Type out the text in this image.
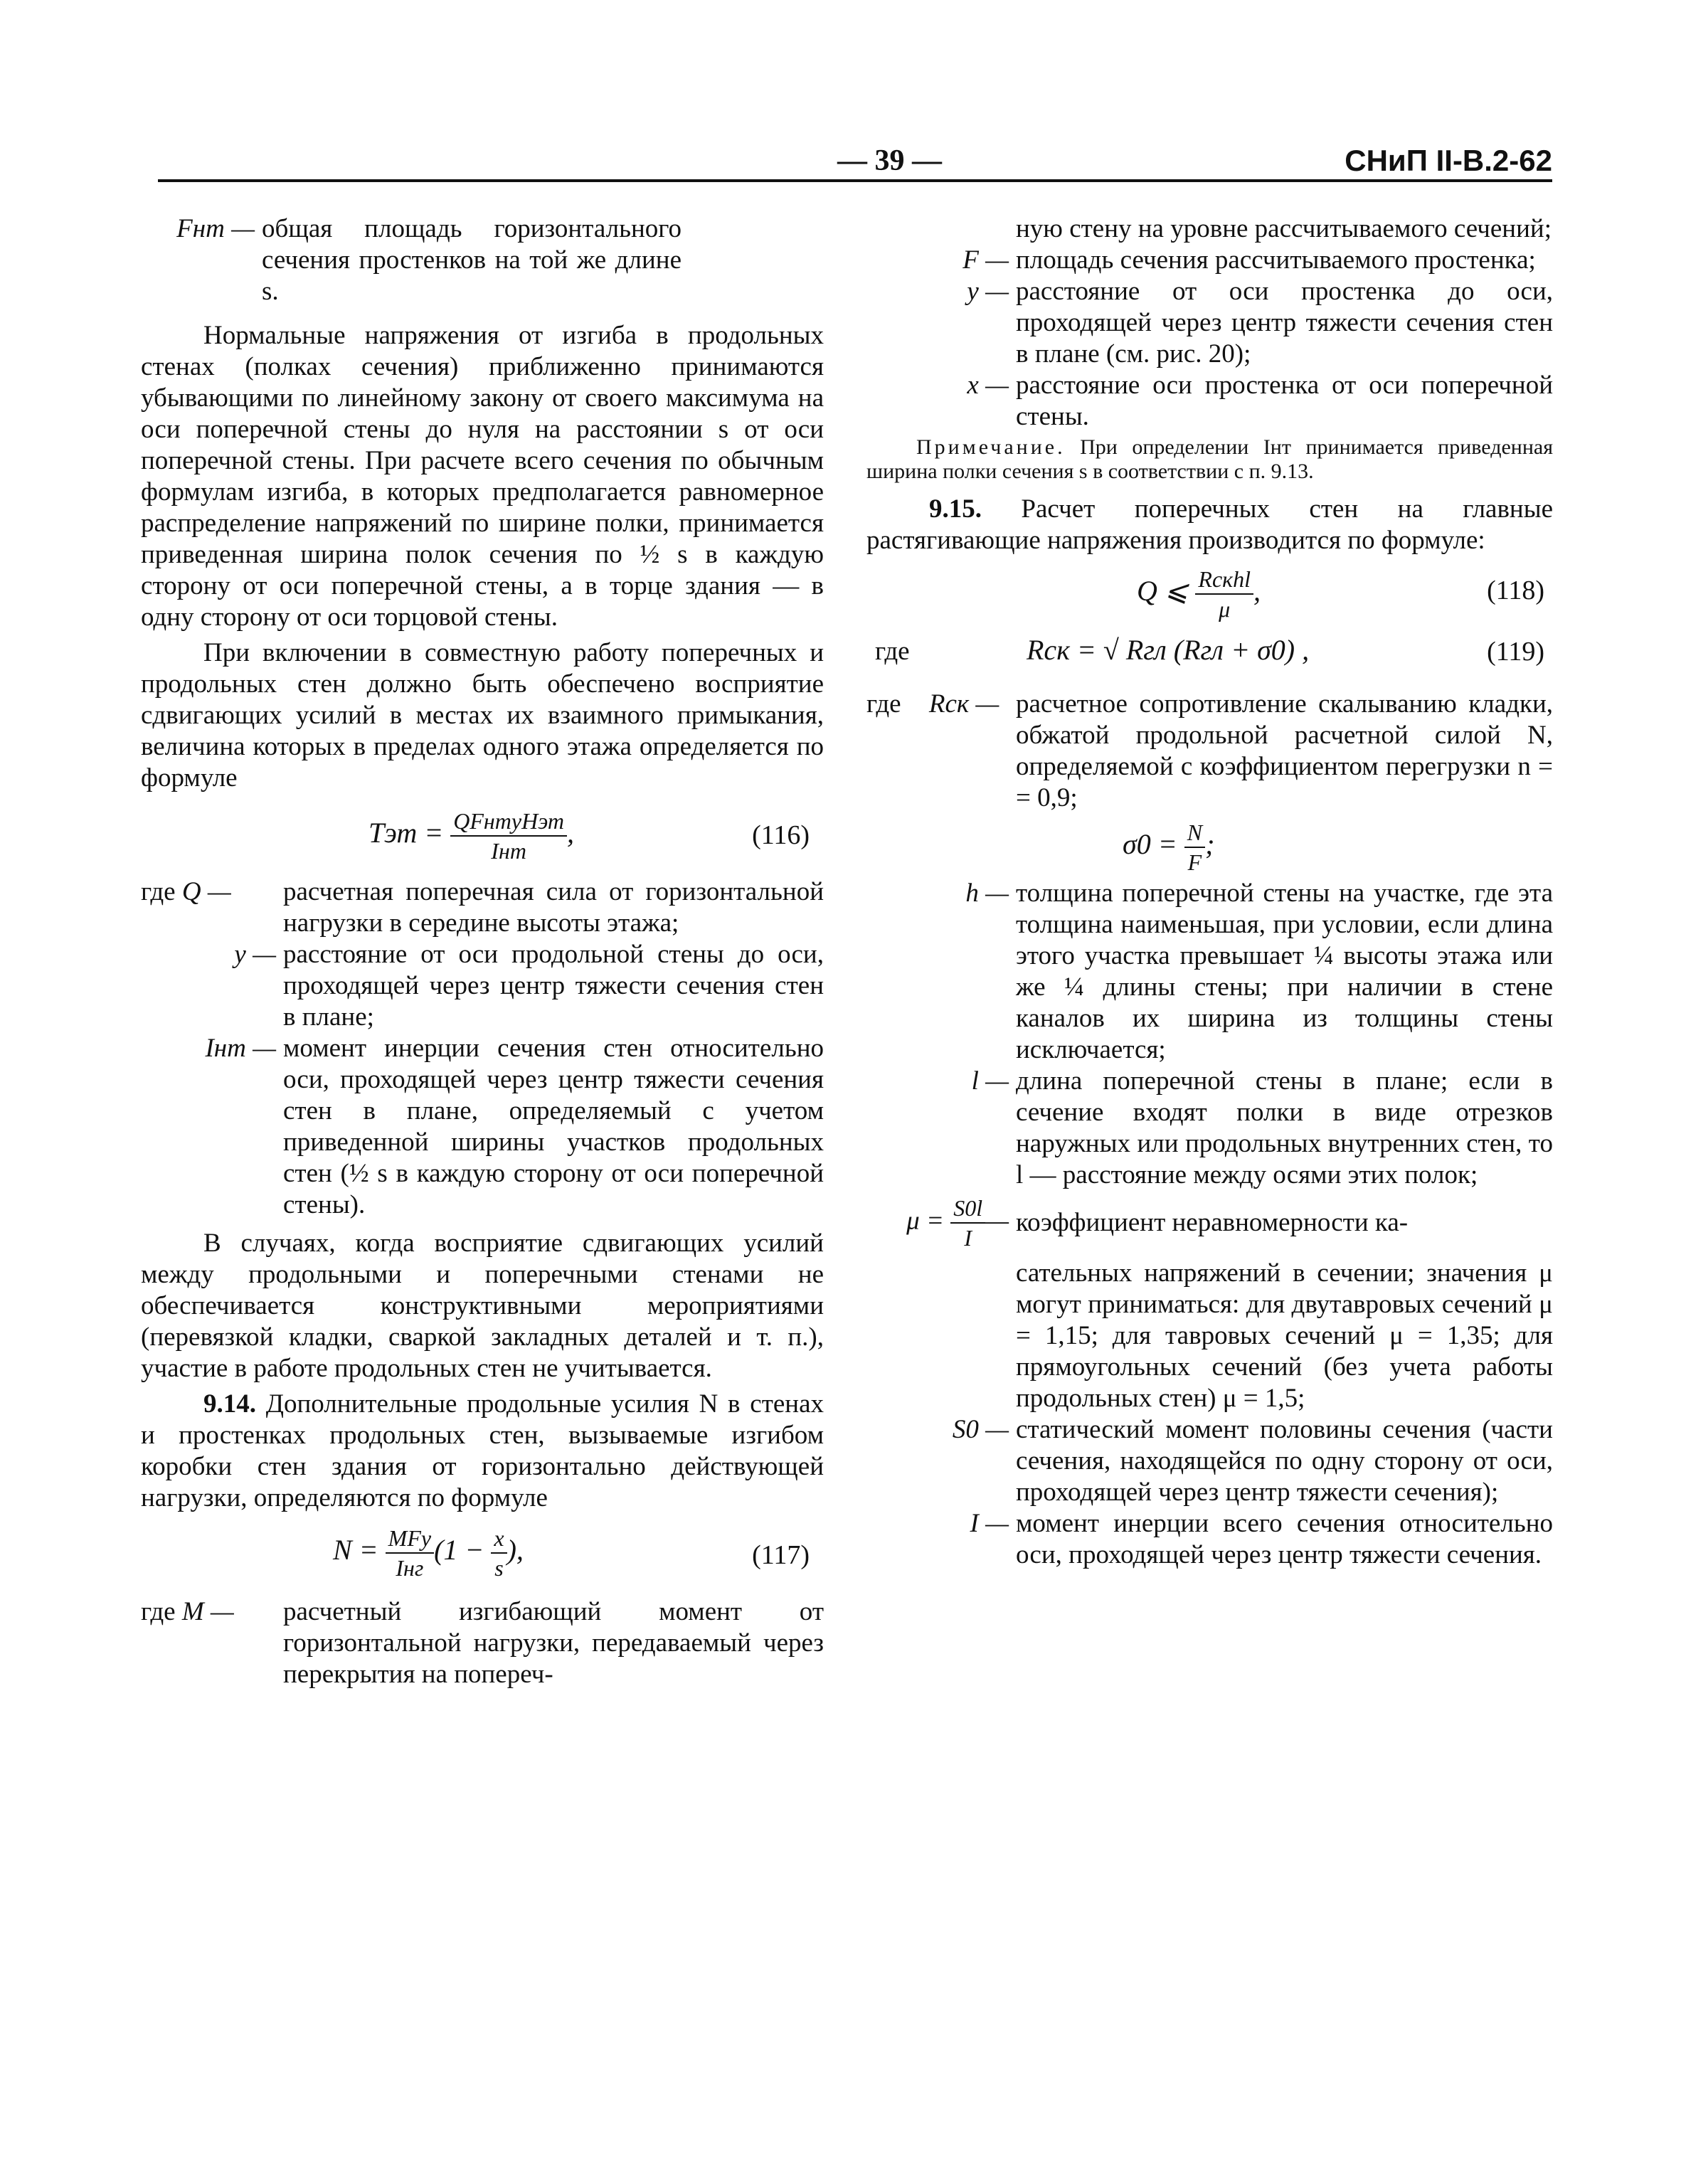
— 39 —	СНиП II-В.2-62
Fнт — общая площадь горизонтального сечения простенков на той же длине s.

Нормальные напряжения от изгиба в продольных стенах (полках сечения) приближенно принимаются убывающими по линейному закону от своего максимума на оси поперечной стены до нуля на расстоянии s от оси поперечной стены. При расчете всего сечения по обычным формулам изгиба, в которых предполагается равномерное распределение напряжений по ширине полки, принимается приведенная ширина полок сечения по ½ s в каждую сторону от оси поперечной стены, а в торце здания — в одну сторону от оси торцовой стены.

При включении в совместную работу поперечных и продольных стен должно быть обеспечено восприятие сдвигающих усилий в местах их взаимного примыкания, величина которых в пределах одного этажа определяется по формуле

Tэт = $\frac{\text{QFнтyHэт}}{\text{Iнт}}$ ,	(116)
где Q —	расчетная поперечная сила от горизонтальной нагрузки в середине высоты этажа;
y — расстояние от оси продольной стены до оси, проходящей через центр тяжести сечения стен в плане;
Iнт — момент инерции сечения стен относительно оси, проходящей через центр тяжести сечения стен в плане, определяемый с учетом приведенной ширины участков продольных стен (½ s в каждую сторону от оси поперечной стены).

В случаях, когда восприятие сдвигающих усилий между продольными и поперечными стенами не обеспечивается конструктивными мероприятиями (перевязкой кладки, сваркой закладных деталей и т. п.), участие в работе продольных стен не учитывается.

9.14. Дополнительные продольные усилия N в стенах и простенках продольных стен, вызываемые изгибом коробки стен здания от горизонтально действующей нагрузки, определяются по формуле

$N = \frac{\text{MFy}}{\text{Iнг}} (1 - \frac{x}{s}$ ),	(117)
где M —	расчетный изгибающий момент от горизонтальной нагрузки, передаваемый через перекрытия на попереч-
ную стену на уровне рассчитываемого сечений;
F — площадь сечения рассчитываемого простенка;
y — расстояние от оси простенка до оси, проходящей через центр тяжести сечения стен в плане (см. рис. 20);
x — расстояние оси простенка от оси поперечной стены.
Примечание. При определении Iнт принимается приведенная ширина полки сечения s в соответствии с п. 9.13.

9.15. Расчет поперечных стен на главные растягивающие напряжения производится по формуле:

Q ⩽ $\frac{\text{Rскhl}}{\mu}$ ,	(118)
где	Rск = √ Rгл (Rгл + σ0) ,	(119)
где Rск — расчетное сопротивление скалыванию кладки, обжатой продольной расчетной силой N, определяемой с коэффициентом перегрузки n = = 0,9;
$\sigma 0 = \frac{N}{F}$ ;
h — толщина поперечной стены на участке, где эта толщина наименьшая, при условии, если длина этого участка превышает ¼ высоты этажа или же ¼ длины стены; при наличии в стене каналов их ширина из толщины стены исключается;
l — длина поперечной стены в плане; если в сечение входят полки в виде отрезков наружных или продольных внутренних стен, то l — расстояние между осями этих полок;
$\mu = \frac{S0l}{I}$ — коэффициент неравномерности ка-
сательных напряжений в сечении; значения μ могут приниматься: для двутавровых сечений μ = 1,15; для тавровых сечений μ = 1,35; для прямоугольных сечений (без учета работы продольных стен) μ = 1,5;
S0 — статический момент половины сечения (части сечения, находящейся по одну сторону от оси, проходящей через центр тяжести сечения);
I — момент инерции всего сечения относительно оси, проходящей через центр тяжести сечения.
